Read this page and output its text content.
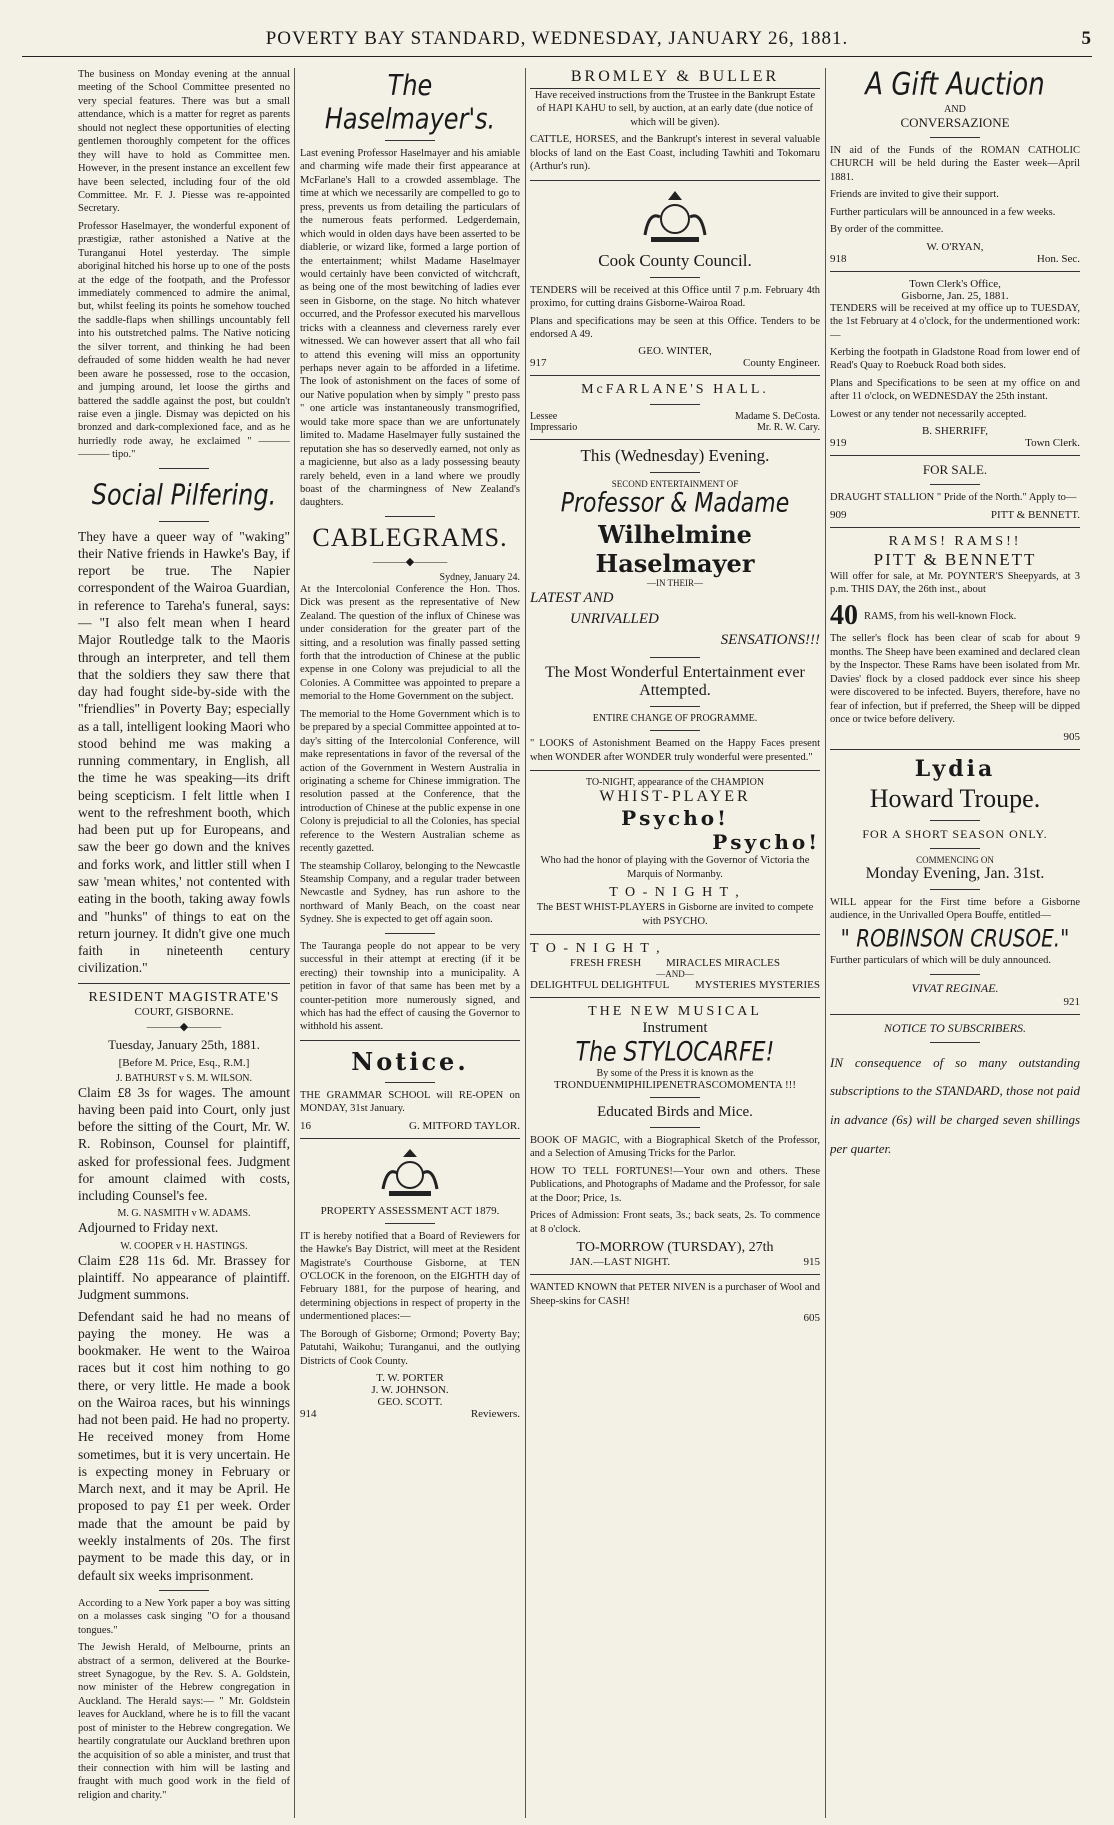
POVERTY BAY STANDARD, WEDNESDAY, JANUARY 26, 1881.	5

The business on Monday evening at the annual meeting of the School Committee presented no very special features. There was but a small attendance, which is a matter for regret as parents should not neglect these opportunities of electing gentlemen thoroughly competent for the offices they will have to hold as Committee men. However, in the present instance an excellent few have been selected, including four of the old Committee. Mr. F. J. Piesse was re-appointed Secretary.

Professor Haselmayer, the wonderful exponent of præstigiæ, rather astonished a Native at the Turanganui Hotel yesterday. The simple aboriginal hitched his horse up to one of the posts at the edge of the footpath, and the Professor immediately commenced to admire the animal, but, whilst feeling its points he somehow touched the saddle-flaps when shillings uncountably fell into his outstretched palms. The Native noticing the silver torrent, and thinking he had been defrauded of some hidden wealth he had never been aware he possessed, rose to the occasion, and jumping around, let loose the girths and battered the saddle against the post, but couldn't raise even a jingle. Dismay was depicted on his bronzed and dark-complexioned face, and as he hurriedly rode away, he exclaimed " ——— ——— tipo."

Social Pilfering.

They have a queer way of "waking" their Native friends in Hawke's Bay, if report be true. The Napier correspondent of the Wairoa Guardian, in reference to Tareha's funeral, says:— "I also felt mean when I heard Major Routledge talk to the Maoris through an interpreter, and tell them that the soldiers they saw there that day had fought side-by-side with the "friendlies" in Poverty Bay; especially as a tall, intelligent looking Maori who stood behind me was making a running commentary, in English, all the time he was speaking—its drift being scepticism. I felt little when I went to the refreshment booth, which had been put up for Europeans, and saw the beer go down and the knives and forks work, and littler still when I saw 'mean whites,' not contented with eating in the booth, taking away fowls and "hunks" of things to eat on the return journey. It didn't give one much faith in nineteenth century civilization."

RESIDENT MAGISTRATE'S
COURT, GISBORNE.
———◆———
Tuesday, January 25th, 1881.
[Before M. Price, Esq., R.M.]
J. BATHURST v S. M. WILSON.

Claim £8 3s for wages. The amount having been paid into Court, only just before the sitting of the Court, Mr. W. R. Robinson, Counsel for plaintiff, asked for professional fees. Judgment for amount claimed with costs, including Counsel's fee.

M. G. NASMITH v W. ADAMS.

Adjourned to Friday next.

W. COOPER v H. HASTINGS.

Claim £28 11s 6d. Mr. Brassey for plaintiff. No appearance of plaintiff. Judgment summons.

Defendant said he had no means of paying the money. He was a bookmaker. He went to the Wairoa races but it cost him nothing to go there, or very little. He made a book on the Wairoa races, but his winnings had not been paid. He had no property. He received money from Home sometimes, but it is very uncertain. He is expecting money in February or March next, and it may be April. He proposed to pay £1 per week. Order made that the amount be paid by weekly instalments of 20s. The first payment to be made this day, or in default six weeks imprisonment.

According to a New York paper a boy was sitting on a molasses cask singing "O for a thousand tongues."

The Jewish Herald, of Melbourne, prints an abstract of a sermon, delivered at the Bourke-street Synagogue, by the Rev. S. A. Goldstein, now minister of the Hebrew congregation in Auckland. The Herald says:— " Mr. Goldstein leaves for Auckland, where he is to fill the vacant post of minister to the Hebrew congregation. We heartily congratulate our Auckland brethren upon the acquisition of so able a minister, and trust that their connection with him will be lasting and fraught with much good work in the field of religion and charity."

The Haselmayer's.

Last evening Professor Haselmayer and his amiable and charming wife made their first appearance at McFarlane's Hall to a crowded assemblage. The time at which we necessarily are compelled to go to press, prevents us from detailing the particulars of the numerous feats performed. Ledgerdemain, which would in olden days have been asserted to be diablerie, or wizard like, formed a large portion of the entertainment; whilst Madame Haselmayer would certainly have been convicted of witchcraft, as being one of the most bewitching of ladies ever seen in Gisborne, on the stage. No hitch whatever occurred, and the Professor executed his marvellous tricks with a cleanness and cleverness rarely ever witnessed. We can however assert that all who fail to attend this evening will miss an opportunity perhaps never again to be afforded in a lifetime. The look of astonishment on the faces of some of our Native population when by simply " presto pass " one article was instantaneously transmogrified, would take more space than we are unfortunately limited to. Madame Haselmayer fully sustained the reputation she has so deservedly earned, not only as a magicienne, but also as a lady possessing beauty rarely beheld, even in a land where we proudly boast of the charmingness of New Zealand's daughters.

CABLEGRAMS.
———◆———
Sydney, January 24.

At the Intercolonial Conference the Hon. Thos. Dick was present as the representative of New Zealand. The question of the influx of Chinese was under consideration for the greater part of the sitting, and a resolution was finally passed setting forth that the introduction of Chinese at the public expense in one Colony was prejudicial to all the Colonies. A Committee was appointed to prepare a memorial to the Home Government on the subject.

The memorial to the Home Government which is to be prepared by a special Committee appointed at to-day's sitting of the Intercolonial Conference, will make representations in favor of the reversal of the action of the Government in Western Australia in originating a scheme for Chinese immigration. The resolution passed at the Conference, that the introduction of Chinese at the public expense in one Colony is prejudicial to all the Colonies, has special reference to the Western Australian scheme as recently gazetted.

The steamship Collaroy, belonging to the Newcastle Steamship Company, and a regular trader between Newcastle and Sydney, has run ashore to the northward of Manly Beach, on the coast near Sydney. She is expected to get off again soon.

The Tauranga people do not appear to be very successful in their attempt at erecting (if it be erecting) their township into a municipality. A petition in favor of that same has been met by a counter-petition more numerously signed, and which has had the effect of causing the Governor to withhold his assent.

Notice.

THE GRAMMAR SCHOOL will RE-OPEN on MONDAY, 31st January.

16	G. MITFORD TAYLOR.
PROPERTY ASSESSMENT ACT 1879.

IT is hereby notified that a Board of Reviewers for the Hawke's Bay District, will meet at the Resident Magistrate's Courthouse Gisborne, at TEN O'CLOCK in the forenoon, on the EIGHTH day of February 1881, for the purpose of hearing, and determining objections in respect of property in the undermentioned places:—

The Borough of Gisborne; Ormond; Poverty Bay; Patutahi, Waikohu; Turanganui, and the outlying Districts of Cook County.

T. W. PORTER
J. W. JOHNSON.
GEO. SCOTT.
914	Reviewers.
BROMLEY & BULLER

Have received instructions from the Trustee in the Bankrupt Estate of HAPI KAHU to sell, by auction, at an early date (due notice of which will be given).

CATTLE, HORSES, and the Bankrupt's interest in several valuable blocks of land on the East Coast, including Tawhiti and Tokomaru (Arthur's run).

Cook County Council.

TENDERS will be received at this Office until 7 p.m. February 4th proximo, for cutting drains Gisborne-Wairoa Road.

Plans and specifications may be seen at this Office. Tenders to be endorsed A 49.

GEO. WINTER,
917	County Engineer.
McFARLANE'S HALL.
Lessee	Madame S. DeCosta.
Impressario	Mr. R. W. Cary.
This (Wednesday) Evening.
SECOND ENTERTAINMENT OF
Professor & Madame
Wilhelmine Haselmayer
—IN THEIR—
LATEST AND
UNRIVALLED
SENSATIONS!!!
The Most Wonderful Entertainment ever Attempted.
ENTIRE CHANGE OF PROGRAMME.

" LOOKS of Astonishment Beamed on the Happy Faces present when WONDER after WONDER truly wonderful were presented."

TO-NIGHT, appearance of the CHAMPION
WHIST-PLAYER
Psycho!
Psycho!

Who had the honor of playing with the Governor of Victoria the Marquis of Normanby.

T O - N I G H T ,

The BEST WHIST-PLAYERS in Gisborne are invited to compete with PSYCHO.

T O - N I G H T ,
FRESH FRESH MIRACLES MIRACLES
—AND—
DELIGHTFUL DELIGHTFUL MYSTERIES MYSTERIES
THE NEW MUSICAL
Instrument
The STYLOCARFE!
By some of the Press it is known as the
TRONDUENMIPHILIPENETRASCOMOMENTA !!!
Educated Birds and Mice.

BOOK OF MAGIC, with a Biographical Sketch of the Professor, and a Selection of Amusing Tricks for the Parlor.

HOW TO TELL FORTUNES!—Your own and others. These Publications, and Photographs of Madame and the Professor, for sale at the Door; Price, 1s.

Prices of Admission: Front seats, 3s.; back seats, 2s. To commence at 8 o'clock.

TO-MORROW (TURSDAY), 27th
JAN.—LAST NIGHT.	915

WANTED KNOWN that PETER NIVEN is a purchaser of Wool and Sheep-skins for CASH!

605
A Gift Auction
AND
CONVERSAZIONE

IN aid of the Funds of the ROMAN CATHOLIC CHURCH will be held during the Easter week—April 1881.

Friends are invited to give their support.

Further particulars will be announced in a few weeks.

By order of the committee.

W. O'RYAN,
918	Hon. Sec.
Town Clerk's Office,
Gisborne, Jan. 25, 1881.

TENDERS will be received at my office up to TUESDAY, the 1st February at 4 o'clock, for the undermentioned work:—

Kerbing the footpath in Gladstone Road from lower end of Read's Quay to Roebuck Road both sides.

Plans and Specifications to be seen at my office on and after 11 o'clock, on WEDNESDAY the 25th instant.

Lowest or any tender not necessarily accepted.

B. SHERRIFF,
919	Town Clerk.
FOR SALE.

DRAUGHT STALLION " Pride of the North." Apply to—

909	PITT & BENNETT.
RAMS! RAMS!!
PITT & BENNETT

Will offer for sale, at Mr. POYNTER'S Sheepyards, at 3 p.m. THIS DAY, the 26th inst., about

40 RAMS, from his well-known Flock.

The seller's flock has been clear of scab for about 9 months. The Sheep have been examined and declared clean by the Inspector. These Rams have been isolated from Mr. Davies' flock by a closed paddock ever since his sheep were discovered to be infected. Buyers, therefore, have no fear of infection, but if preferred, the Sheep will be dipped once or twice before delivery.

905
Lydia
Howard Troupe.
FOR A SHORT SEASON ONLY.
COMMENCING ON
Monday Evening, Jan. 31st.

WILL appear for the First time before a Gisborne audience, in the Unrivalled Opera Bouffe, entitled—

" ROBINSON CRUSOE."

Further particulars of which will be duly announced.

VIVAT REGINAE.
921
NOTICE TO SUBSCRIBERS.

IN consequence of so many outstanding subscriptions to the STANDARD, those not paid in advance (6s) will be charged seven shillings per quarter.
